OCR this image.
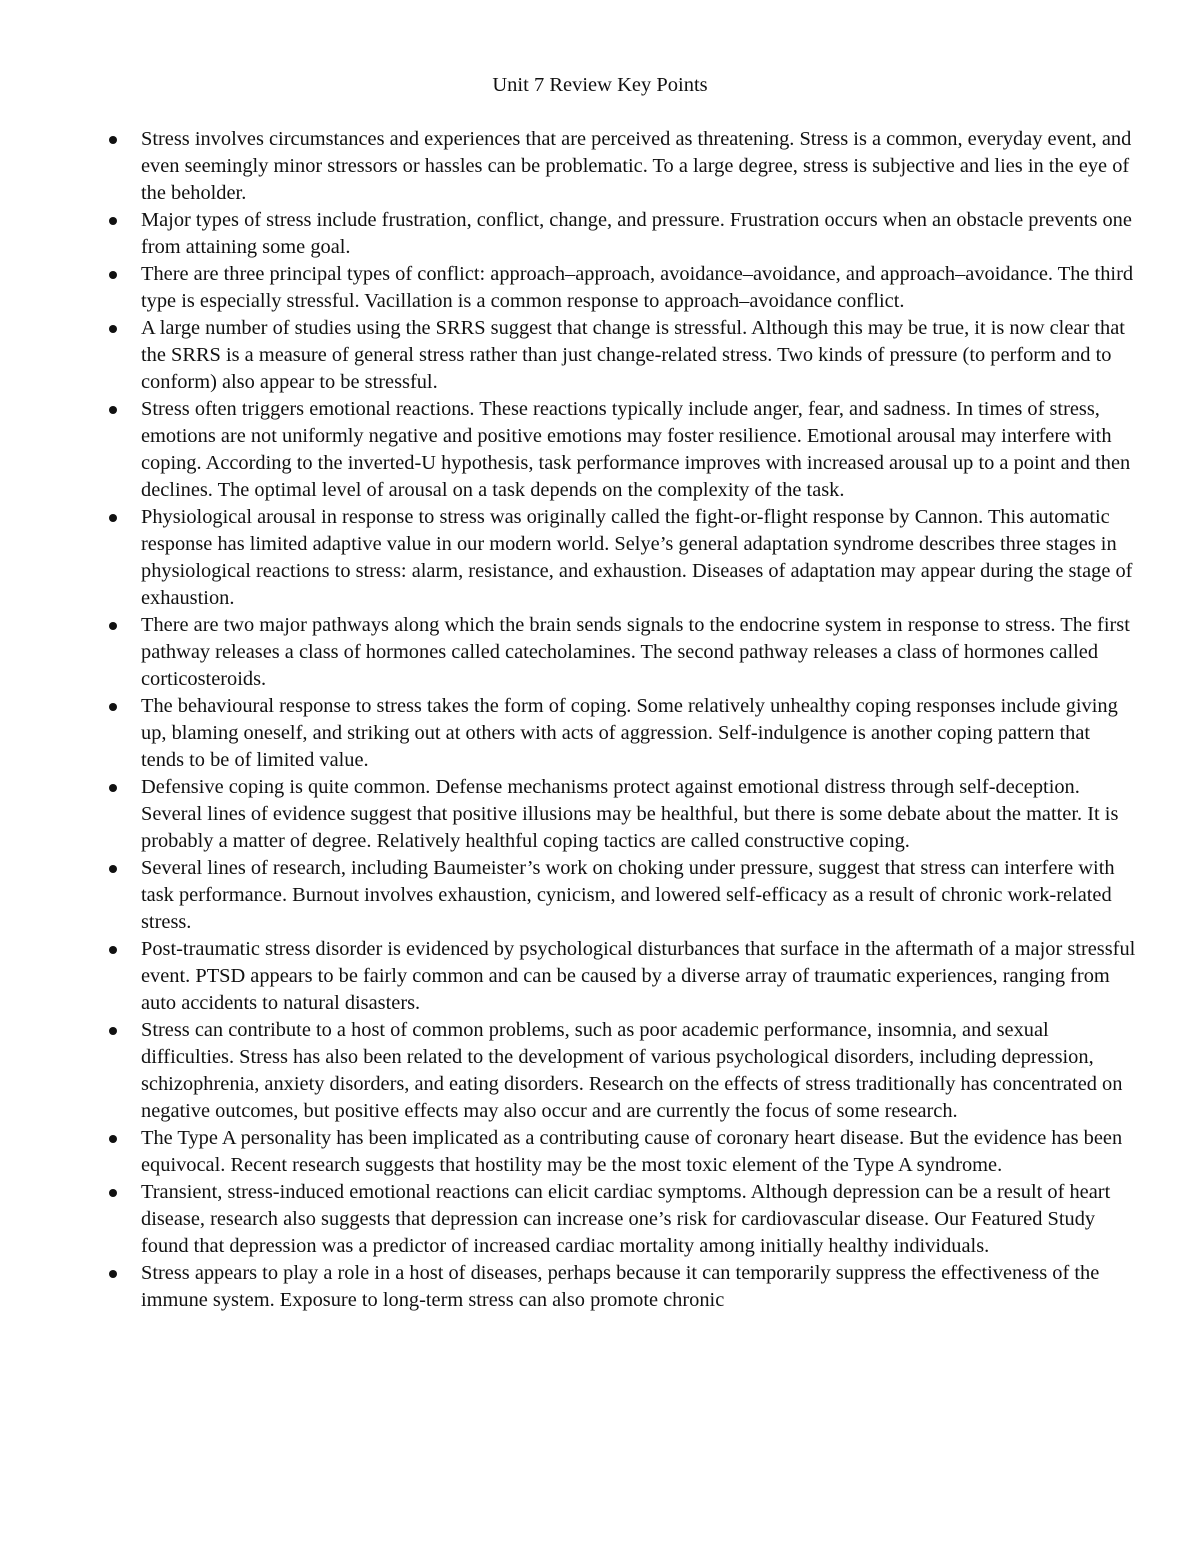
Unit 7 Review Key Points
Stress involves circumstances and experiences that are perceived as threatening. Stress is a common, everyday event, and even seemingly minor stressors or hassles can be problematic. To a large degree, stress is subjective and lies in the eye of the beholder.
Major types of stress include frustration, conflict, change, and pressure. Frustration occurs when an obstacle prevents one from attaining some goal.
There are three principal types of conflict: approach–approach, avoidance–avoidance, and approach–avoidance. The third type is especially stressful. Vacillation is a common response to approach–avoidance conflict.
A large number of studies using the SRRS suggest that change is stressful. Although this may be true, it is now clear that the SRRS is a measure of general stress rather than just change-related stress. Two kinds of pressure (to perform and to conform) also appear to be stressful.
Stress often triggers emotional reactions. These reactions typically include anger, fear, and sadness. In times of stress, emotions are not uniformly negative and positive emotions may foster resilience. Emotional arousal may interfere with coping. According to the inverted-U hypothesis, task performance improves with increased arousal up to a point and then declines. The optimal level of arousal on a task depends on the complexity of the task.
Physiological arousal in response to stress was originally called the fight-or-flight response by Cannon. This automatic response has limited adaptive value in our modern world. Selye’s general adaptation syndrome describes three stages in physiological reactions to stress: alarm, resistance, and exhaustion. Diseases of adaptation may appear during the stage of exhaustion.
There are two major pathways along which the brain sends signals to the endocrine system in response to stress. The first pathway releases a class of hormones called catecholamines. The second pathway releases a class of hormones called corticosteroids.
The behavioural response to stress takes the form of coping. Some relatively unhealthy coping responses include giving up, blaming oneself, and striking out at others with acts of aggression. Self-indulgence is another coping pattern that tends to be of limited value.
Defensive coping is quite common. Defense mechanisms protect against emotional distress through self-deception. Several lines of evidence suggest that positive illusions may be healthful, but there is some debate about the matter. It is probably a matter of degree. Relatively healthful coping tactics are called constructive coping.
Several lines of research, including Baumeister’s work on choking under pressure, suggest that stress can interfere with task performance. Burnout involves exhaustion, cynicism, and lowered self-efficacy as a result of chronic work-related stress.
Post-traumatic stress disorder is evidenced by psychological disturbances that surface in the aftermath of a major stressful event. PTSD appears to be fairly common and can be caused by a diverse array of traumatic experiences, ranging from auto accidents to natural disasters.
Stress can contribute to a host of common problems, such as poor academic performance, insomnia, and sexual difficulties. Stress has also been related to the development of various psychological disorders, including depression, schizophrenia, anxiety disorders, and eating disorders. Research on the effects of stress traditionally has concentrated on negative outcomes, but positive effects may also occur and are currently the focus of some research.
The Type A personality has been implicated as a contributing cause of coronary heart disease. But the evidence has been equivocal. Recent research suggests that hostility may be the most toxic element of the Type A syndrome.
Transient, stress-induced emotional reactions can elicit cardiac symptoms. Although depression can be a result of heart disease, research also suggests that depression can increase one’s risk for cardiovascular disease. Our Featured Study found that depression was a predictor of increased cardiac mortality among initially healthy individuals.
Stress appears to play a role in a host of diseases, perhaps because it can temporarily suppress the effectiveness of the immune system. Exposure to long-term stress can also promote chronic
